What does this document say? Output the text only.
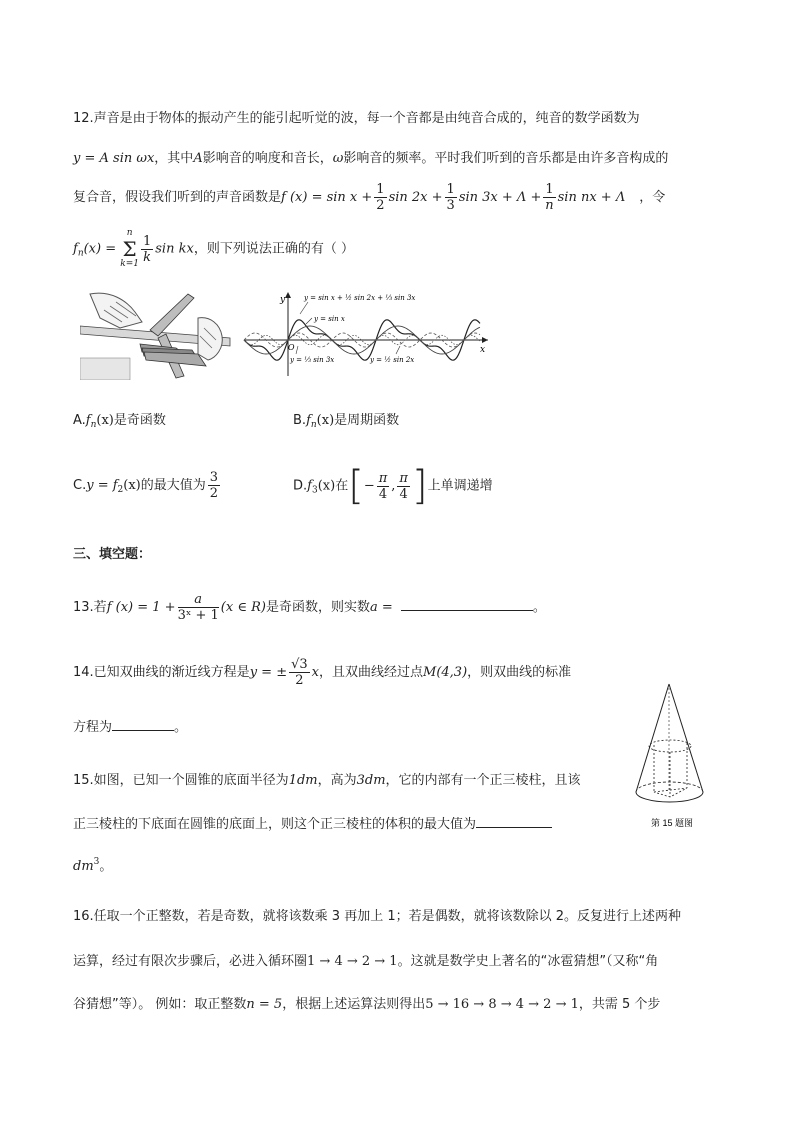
12.声音是由于物体的振动产生的能引起听觉的波，每一个音都是由纯音合成的，纯音的数学函数为
y = A sin ωx，其中A影响音的响度和音长，ω影响音的频率。平时我们听到的音乐都是由许多音构成的
复合音，假设我们听到的声音函数是f $(x) = \sin x + \frac{1}{2}$ $\sin 2x + \frac{1}{3}$ $\sin 3x + \Lambda + \frac{1}{n}$ sin nx + Λ ，令
$f_n(x)$ =
n
Σ
$k=1 \frac{1}{k}$ sin kx，则下列说法正确的有（ ）
y
x
O
y = sin x + ½ sin 2x + ⅓ sin 3x
y = sin x
y = ⅓ sin 3x	y = ½ sin 2x
$A.f_n(x)$是奇函数	$B.f_n(x)$是周期函数
$C.y = f_2(x)$的最大值为 $\frac{3}{2}$	$D.f_3(x)$在[− $\frac{\pi}{4}$ , $\frac{\pi}{4}$ ]上单调递增
三、填空题：
13.若f $(x) = 1 + \frac{a}{\text{3ˣ + 1}} (x$ ∈ R)是奇函数，则实数a =	。
14.已知双曲线的渐近线方程是y = ± $\frac{√3}{2}$ x，且双曲线经过点M(4,3)，则双曲线的标准
方程为	。
15.如图，已知一个圆锥的底面半径为1dm，高为3dm，它的内部有一个正三棱柱，且该
正三棱柱的下底面在圆锥的底面上，则这个正三棱柱的体积的最大值为
$dm^3$。
第 15 题图
16.任取一个正整数，若是奇数，就将该数乘 3 再加上 1；若是偶数，就将该数除以 2。反复进行上述两种
运算，经过有限次步骤后，必进入循环圈1 → 4 → 2 → 1。这就是数学史上著名的“冰雹猜想”（又称“角
谷猜想”等）。 例如：取正整数n = 5，根据上述运算法则得出5 → 16 → 8 → 4 → 2 → 1，共需 5 个步
